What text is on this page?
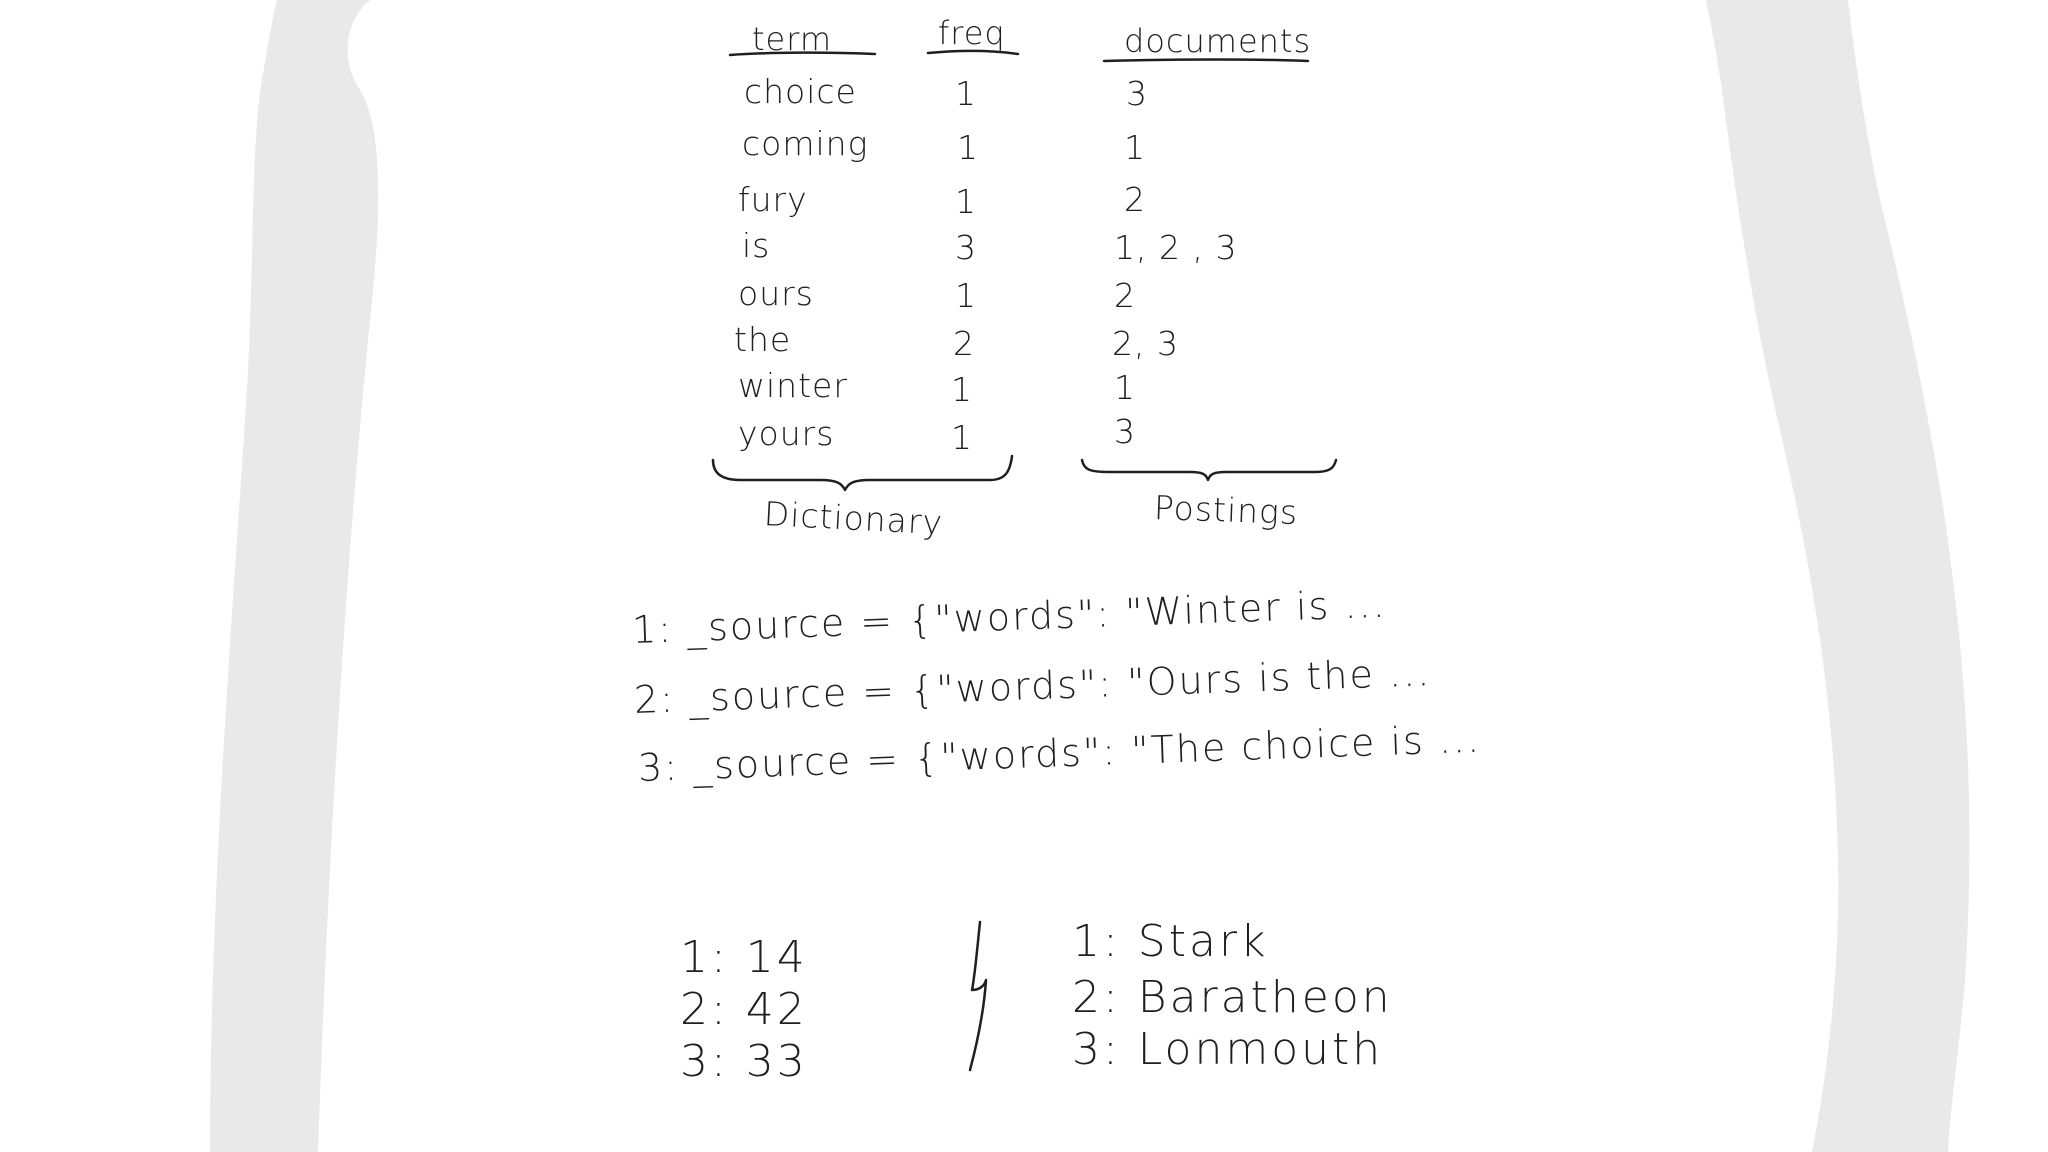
term	freq	documents
choice	1	3
coming	1	1
fury	1	2
is	3	1, 2 , 3
ours	1	2
the	2	2, 3
winter	1	1
yours	1	3
Dictionary	Postings
1: _source = {"words": "Winter is ...
2: _source = {"words": "Ours is the ...
3: _source = {"words": "The choice is ...
1: 14
2: 42
3: 33
1: Stark
2: Baratheon
3: Lonmouth
